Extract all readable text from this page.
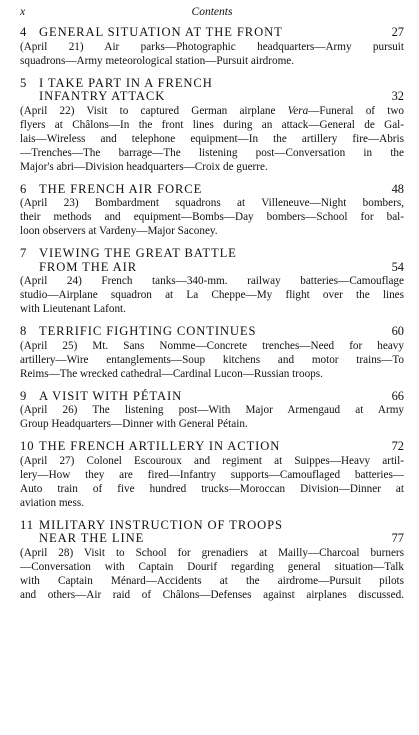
x	Contents
4 GENERAL SITUATION AT THE FRONT	27
(April 21) Air parks—Photographic headquarters—Army pursuit
squadrons—Army meteorological station—Pursuit airdrome.
5 I TAKE PART IN A FRENCH
INFANTRY ATTACK	32
(April 22) Visit to captured German airplane Vera—Funeral of two
flyers at Châlons—In the front lines during an attack—General de Gal-
lais—Wireless and telephone equipment—In the artillery fire—Abris
—Trenches—The barrage—The listening post—Conversation in the
Major's abri—Division headquarters—Croix de guerre.
6 THE FRENCH AIR FORCE	48
(April 23) Bombardment squadrons at Villeneuve—Night bombers,
their methods and equipment—Bombs—Day bombers—School for bal-
loon observers at Vardeny—Major Saconey.
7 VIEWING THE GREAT BATTLE
FROM THE AIR	54
(April 24) French tanks—340-mm. railway batteries—Camouflage
studio—Airplane squadron at La Cheppe—My flight over the lines
with Lieutenant Lafont.
8 TERRIFIC FIGHTING CONTINUES	60
(April 25) Mt. Sans Nomme—Concrete trenches—Need for heavy
artillery—Wire entanglements—Soup kitchens and motor trains—To
Reims—The wrecked cathedral—Cardinal Lucon—Russian troops.
9 A VISIT WITH PÉTAIN	66
(April 26) The listening post—With Major Armengaud at Army
Group Headquarters—Dinner with General Pétain.
10 THE FRENCH ARTILLERY IN ACTION	72
(April 27) Colonel Escouroux and regiment at Suippes—Heavy artil-
lery—How they are fired—Infantry supports—Camouflaged batteries—
Auto train of five hundred trucks—Moroccan Division—Dinner at
aviation mess.
11 MILITARY INSTRUCTION OF TROOPS
NEAR THE LINE	77
(April 28) Visit to School for grenadiers at Mailly—Charcoal burners
—Conversation with Captain Dourif regarding general situation—Talk
with Captain Ménard—Accidents at the airdrome—Pursuit pilots
and others—Air raid of Châlons—Defenses against airplanes discussed.
